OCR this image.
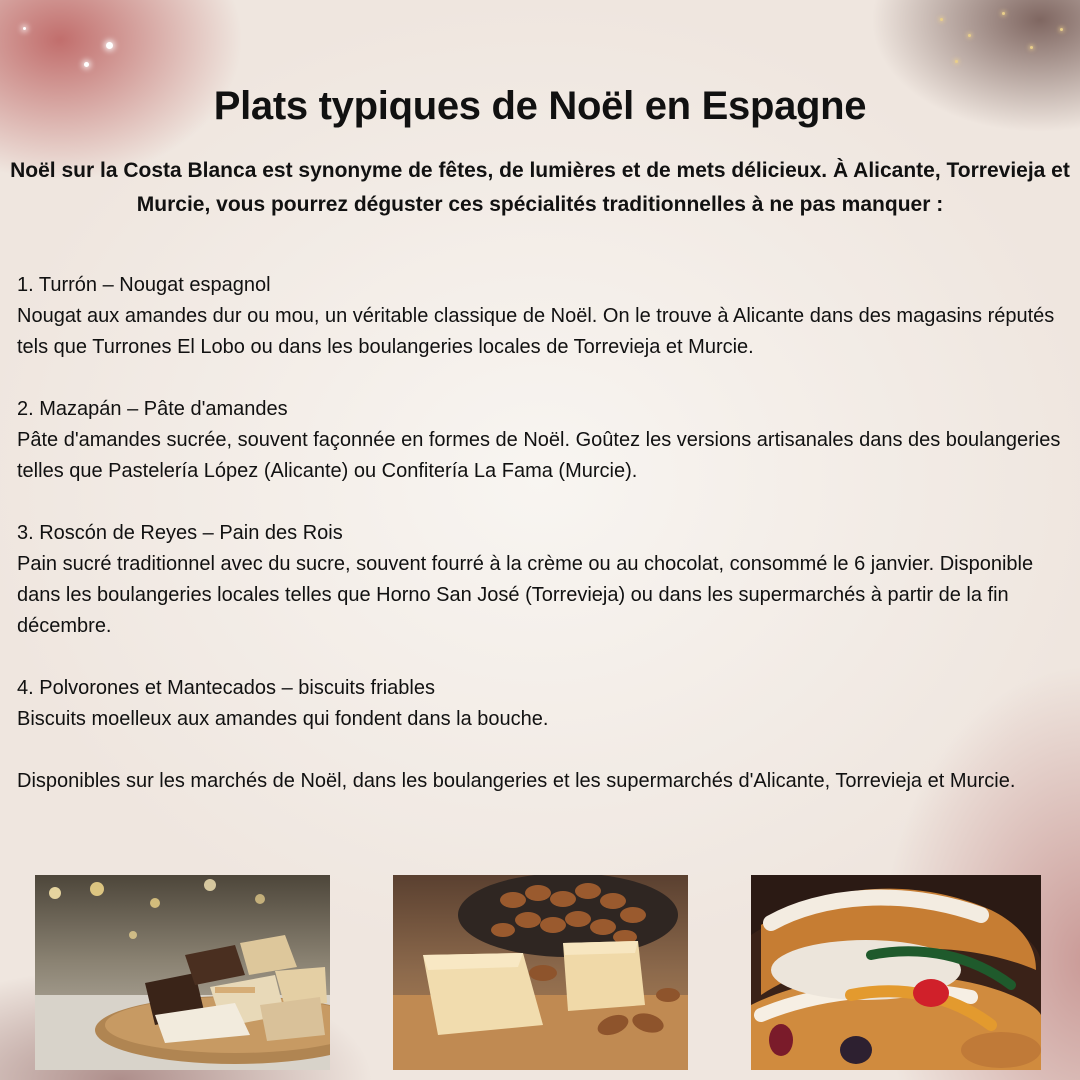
Plats typiques de Noël en Espagne

Noël sur la Costa Blanca est synonyme de fêtes, de lumières et de mets délicieux. À Alicante, Torrevieja et Murcie, vous pourrez déguster ces spécialités traditionnelles à ne pas manquer :

1. Turrón – Nougat espagnol

Nougat aux amandes dur ou mou, un véritable classique de Noël. On le trouve à Alicante dans des magasins réputés tels que Turrones El Lobo ou dans les boulangeries locales de Torrevieja et Murcie.

2. Mazapán – Pâte d'amandes

Pâte d'amandes sucrée, souvent façonnée en formes de Noël. Goûtez les versions artisanales dans des boulangeries telles que Pastelería López (Alicante) ou Confitería La Fama (Murcie).

3. Roscón de Reyes – Pain des Rois

Pain sucré traditionnel avec du sucre, souvent fourré à la crème ou au chocolat, consommé le 6 janvier. Disponible dans les boulangeries locales telles que Horno San José (Torrevieja) ou dans les supermarchés à partir de la fin décembre.

4. Polvorones et Mantecados – biscuits friables

Biscuits moelleux aux amandes qui fondent dans la bouche.

Disponibles sur les marchés de Noël, dans les boulangeries et les supermarchés d'Alicante, Torrevieja et Murcie.
